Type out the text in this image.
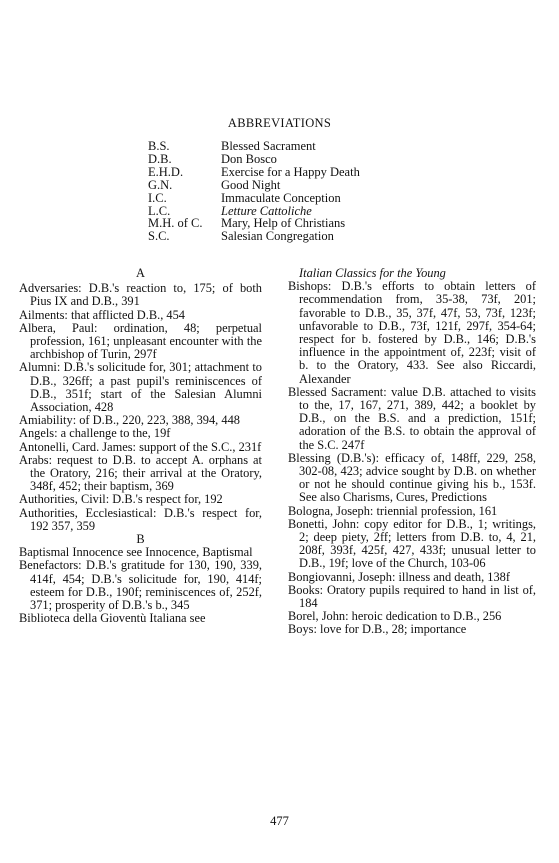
ABBREVIATIONS
B.S.	Blessed Sacrament
D.B.	Don Bosco
E.H.D.	Exercise for a Happy Death
G.N.	Good Night
I.C.	Immaculate Conception
L.C.	Letture Cattoliche
M.H. of C.	Mary, Help of Christians
S.C.	Salesian Congregation
A
Adversaries: D.B.'s reaction to, 175; of both Pius IX and D.B., 391
Ailments: that afflicted D.B., 454
Albera, Paul: ordination, 48; perpetual profession, 161; unpleasant encounter with the archbishop of Turin, 297f
Alumni: D.B.'s solicitude for, 301; attachment to D.B., 326ff; a past pupil's reminiscences of D.B., 351f; start of the Salesian Alumni Association, 428
Amiability: of D.B., 220, 223, 388, 394, 448
Angels: a challenge to the, 19f
Antonelli, Card. James: support of the S.C., 231f
Arabs: request to D.B. to accept A. orphans at the Oratory, 216; their arrival at the Oratory, 348f, 452; their baptism, 369
Authorities, Civil: D.B.'s respect for, 192
Authorities, Ecclesiastical: D.B.'s respect for, 192 357, 359
B
Baptismal Innocence see Innocence, Baptismal
Benefactors: D.B.'s gratitude for 130, 190, 339, 414f, 454; D.B.'s solicitude for, 190, 414f; esteem for D.B., 190f; reminiscences of, 252f, 371; prosperity of D.B.'s b., 345
Biblioteca della Gioventù Italiana see
Italian Classics for the Young
Bishops: D.B.'s efforts to obtain letters of recommendation from, 35-38, 73f, 201; favorable to D.B., 35, 37f, 47f, 53, 73f, 123f; unfavorable to D.B., 73f, 121f, 297f, 354-64; respect for b. fostered by D.B., 146; D.B.'s influence in the appointment of, 223f; visit of b. to the Oratory, 433. See also Riccardi, Alexander
Blessed Sacrament: value D.B. attached to visits to the, 17, 167, 271, 389, 442; a booklet by D.B., on the B.S. and a prediction, 151f; adoration of the B.S. to obtain the approval of the S.C. 247f
Blessing (D.B.'s): efficacy of, 148ff, 229, 258, 302-08, 423; advice sought by D.B. on whether or not he should continue giving his b., 153f. See also Charisms, Cures, Predictions
Bologna, Joseph: triennial profession, 161
Bonetti, John: copy editor for D.B., 1; writings, 2; deep piety, 2ff; letters from D.B. to, 4, 21, 208f, 393f, 425f, 427, 433f; unusual letter to D.B., 19f; love of the Church, 103-06
Bongiovanni, Joseph: illness and death, 138f
Books: Oratory pupils required to hand in list of, 184
Borel, John: heroic dedication to D.B., 256
Boys: love for D.B., 28; importance
477
